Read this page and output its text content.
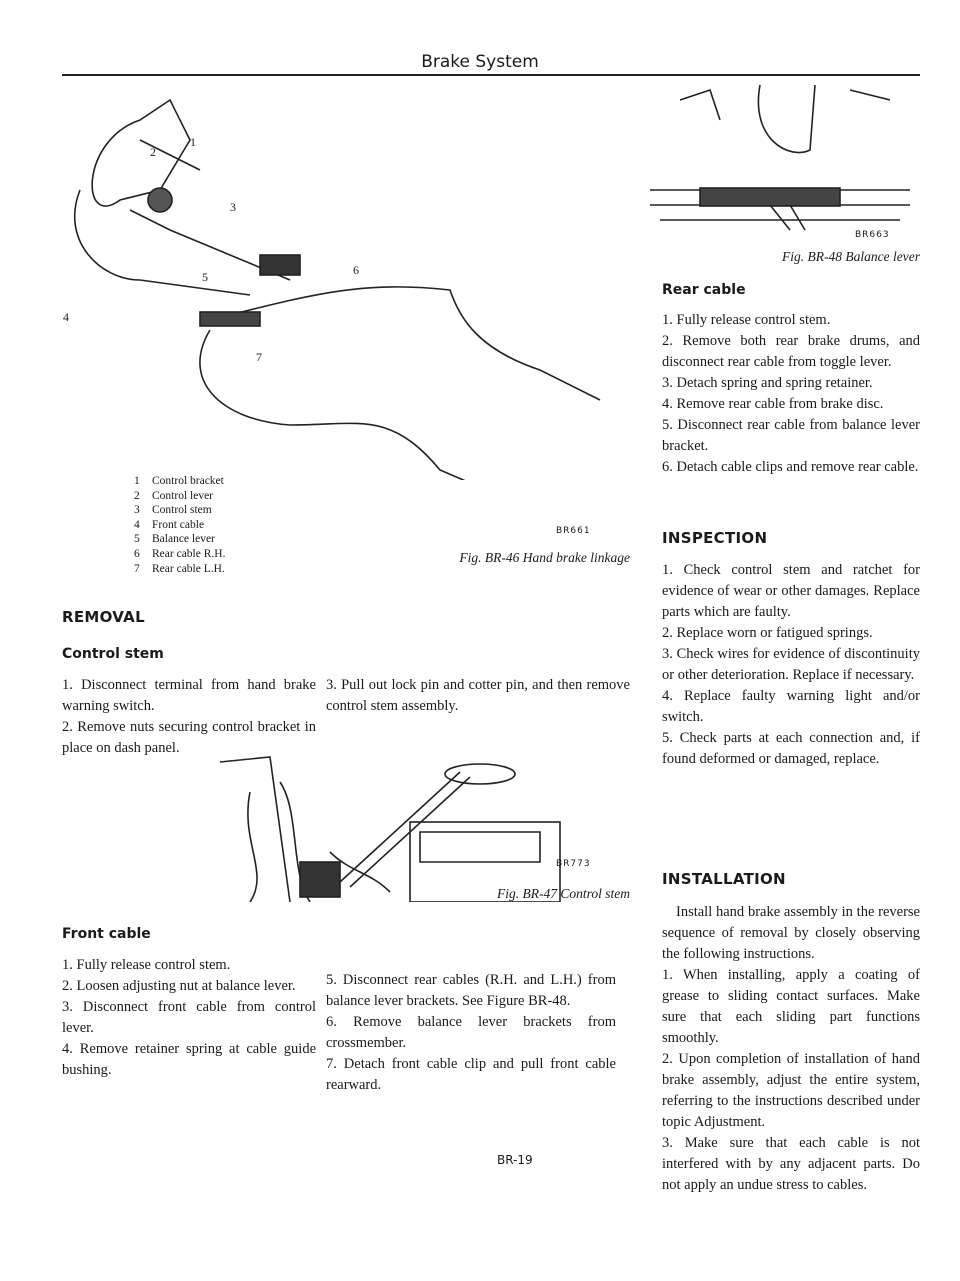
Brake System
1
2
3
4
5	6
7
1 Control bracket
2 Control lever
3 Control stem
4 Front cable
5 Balance lever
6 Rear cable R.H.
7 Rear cable L.H.
BR661
Fig. BR-46 Hand brake linkage
REMOVAL
Control stem

1. Disconnect terminal from hand brake warning switch.

2. Remove nuts securing control bracket in place on dash panel.

3. Pull out lock pin and cotter pin, and then remove control stem assembly.

BR773
Fig. BR-47 Control stem
Front cable

1. Fully release control stem.

2. Loosen adjusting nut at balance lever.

3. Disconnect front cable from control lever.

4. Remove retainer spring at cable guide bushing.

5. Disconnect rear cables (R.H. and L.H.) from balance lever brackets. See Figure BR-48.

6. Remove balance lever brackets from crossmember.

7. Detach front cable clip and pull front cable rearward.

BR-19
BR663
Fig. BR-48 Balance lever
Rear cable

1. Fully release control stem.

2. Remove both rear brake drums, and disconnect rear cable from toggle lever.

3. Detach spring and spring retainer.

4. Remove rear cable from brake disc.

5. Disconnect rear cable from balance lever bracket.

6. Detach cable clips and remove rear cable.

INSPECTION

1. Check control stem and ratchet for evidence of wear or other damages. Replace parts which are faulty.

2. Replace worn or fatigued springs.

3. Check wires for evidence of discontinuity or other deterioration. Replace if necessary.

4. Replace faulty warning light and/or switch.

5. Check parts at each connection and, if found deformed or damaged, replace.

INSTALLATION

Install hand brake assembly in the reverse sequence of removal by closely observing the following instructions.

1. When installing, apply a coating of grease to sliding contact surfaces. Make sure that each sliding part functions smoothly.

2. Upon completion of installation of hand brake assembly, adjust the entire system, referring to the instructions described under topic Adjustment.

3. Make sure that each cable is not interfered with by any adjacent parts. Do not apply an undue stress to cables.
